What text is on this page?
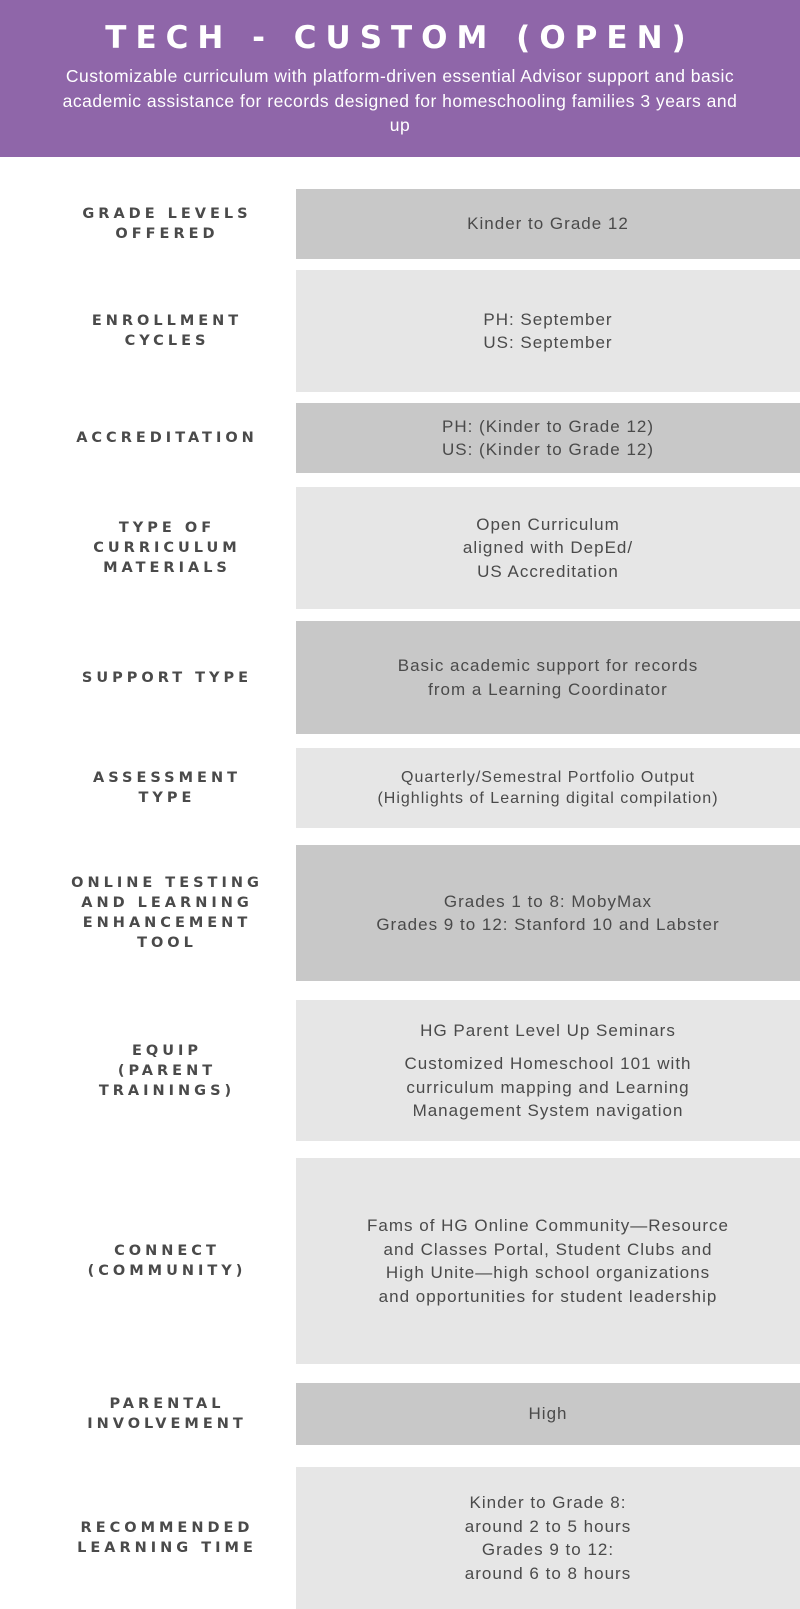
TECH - CUSTOM (OPEN)
Customizable curriculum with platform-driven essential Advisor support and basic academic assistance for records designed for homeschooling families 3 years and up
GRADE LEVELS
OFFERED
Kinder to Grade 12
ENROLLMENT
CYCLES
PH: September
US: September
ACCREDITATION
PH: (Kinder to Grade 12)
US: (Kinder to Grade 12)
TYPE OF
CURRICULUM
MATERIALS
Open Curriculum
aligned with DepEd/
US Accreditation
SUPPORT TYPE
Basic academic support for records
from a Learning Coordinator
ASSESSMENT
TYPE
Quarterly/Semestral Portfolio Output
(Highlights of Learning digital compilation)
ONLINE TESTING
AND LEARNING
ENHANCEMENT
TOOL
Grades 1 to 8: MobyMax
Grades 9 to 12: Stanford 10 and Labster
EQUIP
(PARENT
TRAININGS)
HG Parent Level Up Seminars
Customized Homeschool 101 with
curriculum mapping and Learning
Management System navigation
CONNECT
(COMMUNITY)
Fams of HG Online Community—Resource
and Classes Portal, Student Clubs and
High Unite—high school organizations
and opportunities for student leadership
PARENTAL
INVOLVEMENT
High
RECOMMENDED
LEARNING TIME
Kinder to Grade 8:
around 2 to 5 hours
Grades 9 to 12:
around 6 to 8 hours
